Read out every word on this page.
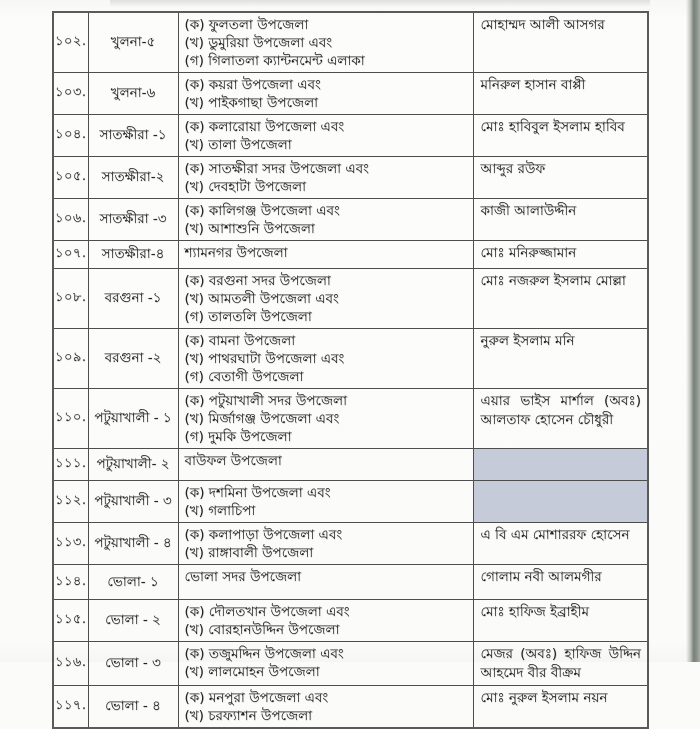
১০২.	খুলনা-৫	(ক) ফুলতলা উপজেলা
(খ) ডুমুরিয়া উপজেলা এবং
(গ) গিলাতলা ক্যান্টনমেন্ট এলাকা	মোহাম্মদ আলী আসগর

১০৩.	খুলনা-৬	(ক) কয়রা উপজেলা এবং
(খ) পাইকগাছা উপজেলা	মনিরুল হাসান বাপ্পী

১০৪.	সাতক্ষীরা -১	(ক) কলারোয়া উপজেলা এবং
(খ) তালা উপজেলা	মোঃ হাবিবুল ইসলাম হাবিব

১০৫.	সাতক্ষীরা-২	(ক) সাতক্ষীরা সদর উপজেলা এবং
(খ) দেবহাটা উপজেলা	আব্দুর রউফ

১০৬.	সাতক্ষীরা -৩	(ক) কালিগঞ্জ উপজেলা এবং
(খ) আশাশুনি উপজেলা	কাজী আলাউদ্দীন

১০৭.	সাতক্ষীরা-৪	শ্যামনগর উপজেলা	মোঃ মনিরুজ্জামান

১০৮.	বরগুনা -১	(ক) বরগুনা সদর উপজেলা
(খ) আমতলী উপজেলা এবং
(গ) তালতলি উপজেলা	মোঃ নজরুল ইসলাম মোল্লা

১০৯.	বরগুনা -২	(ক) বামনা উপজেলা
(খ) পাথরঘাটা উপজেলা এবং
(গ) বেতাগী উপজেলা	নুরুল ইসলাম মনি

১১০.	পটুয়াখালী - ১	(ক) পটুয়াখালী সদর উপজেলা
(খ) মির্জাগঞ্জ উপজেলা এবং
(গ) দুমকি উপজেলা	এয়ার ভাইস মার্শাল (অবঃ) আলতাফ হোসেন চৌধুরী

১১১.	পটুয়াখালী- ২	বাউফল উপজেলা	

১১২.	পটুয়াখালী - ৩	(ক) দশমিনা উপজেলা এবং
(খ) গলাচিপা	

১১৩.	পটুয়াখালী - ৪	(ক) কলাপাড়া উপজেলা এবং
(খ) রাঙ্গাবালী উপজেলা	এ বি এম মোশাররফ হোসেন

১১৪.	ভোলা- ১	ভোলা সদর উপজেলা	গোলাম নবী আলমগীর

১১৫.	ভোলা - ২	(ক) দৌলতখান উপজেলা এবং
(খ) বোরহানউদ্দিন উপজেলা	মোঃ হাফিজ ইব্রাহীম

১১৬.	ভোলা - ৩	(ক) তজুমদ্দিন উপজেলা এবং
(খ) লালমোহন উপজেলা	মেজর (অবঃ) হাফিজ উদ্দিন আহমেদ বীর বীক্রম

১১৭.	ভোলা - ৪	(ক) মনপুরা উপজেলা এবং
(খ) চরফ্যাশন উপজেলা	মোঃ নুরুল ইসলাম নয়ন
